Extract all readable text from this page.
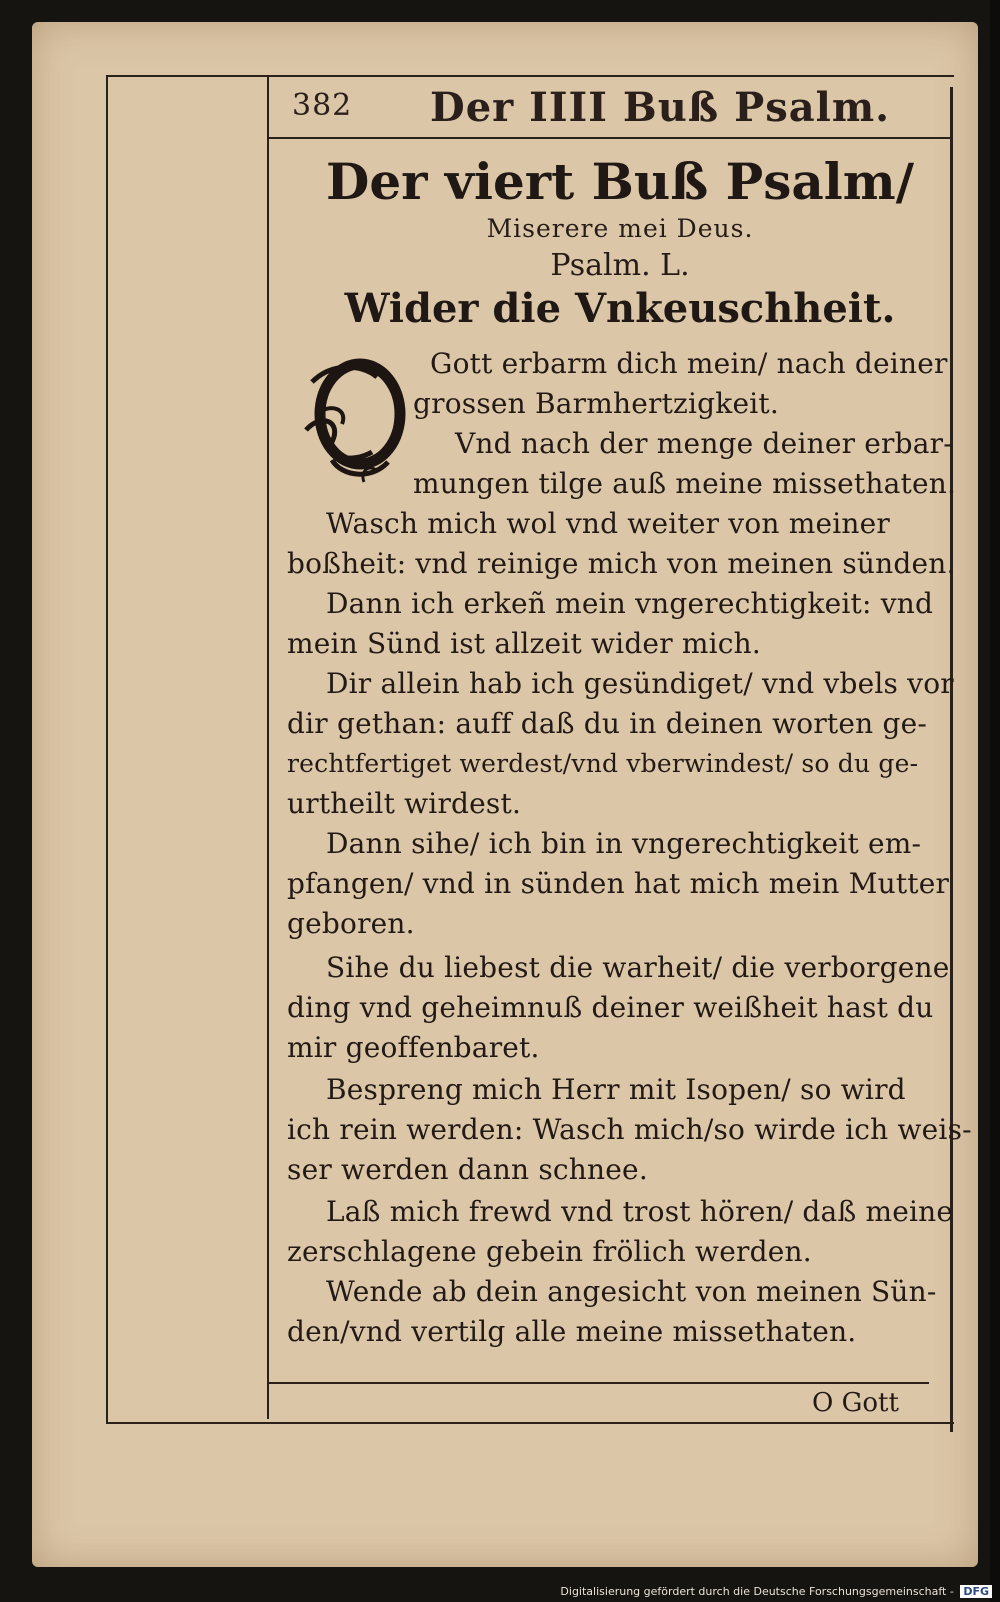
382 Der IIII Buß Psalm.
Der viert Buß Psalm/
Miserere mei Deus.
Psalm. L.
Wider die Vnkeuschheit.
Gott erbarm dich mein/ nach deiner
grossen Barmhertzigkeit.
Vnd nach der menge deiner erbar-
mungen tilge auß meine missethaten.
Wasch mich wol vnd weiter von meiner
boßheit: vnd reinige mich von meinen sünden.
Dann ich erkeñ mein vngerechtigkeit: vnd
mein Sünd ist allzeit wider mich.
Dir allein hab ich gesündiget/ vnd vbels vor
dir gethan: auff daß du in deinen worten ge-
rechtfertiget werdest/vnd vberwindest/ so du ge-
urtheilt wirdest.
Dann sihe/ ich bin in vngerechtigkeit em-
pfangen/ vnd in sünden hat mich mein Mutter
geboren.
Sihe du liebest die warheit/ die verborgene
ding vnd geheimnuß deiner weißheit hast du
mir geoffenbaret.
Bespreng mich Herr mit Isopen/ so wird
ich rein werden: Wasch mich/so wirde ich weis-
ser werden dann schnee.
Laß mich frewd vnd trost hören/ daß meine
zerschlagene gebein frölich werden.
Wende ab dein angesicht von meinen Sün-
den/vnd vertilg alle meine missethaten.
O Gott
Digitalisierung gefördert durch die Deutsche Forschungsgemeinschaft - DFG
